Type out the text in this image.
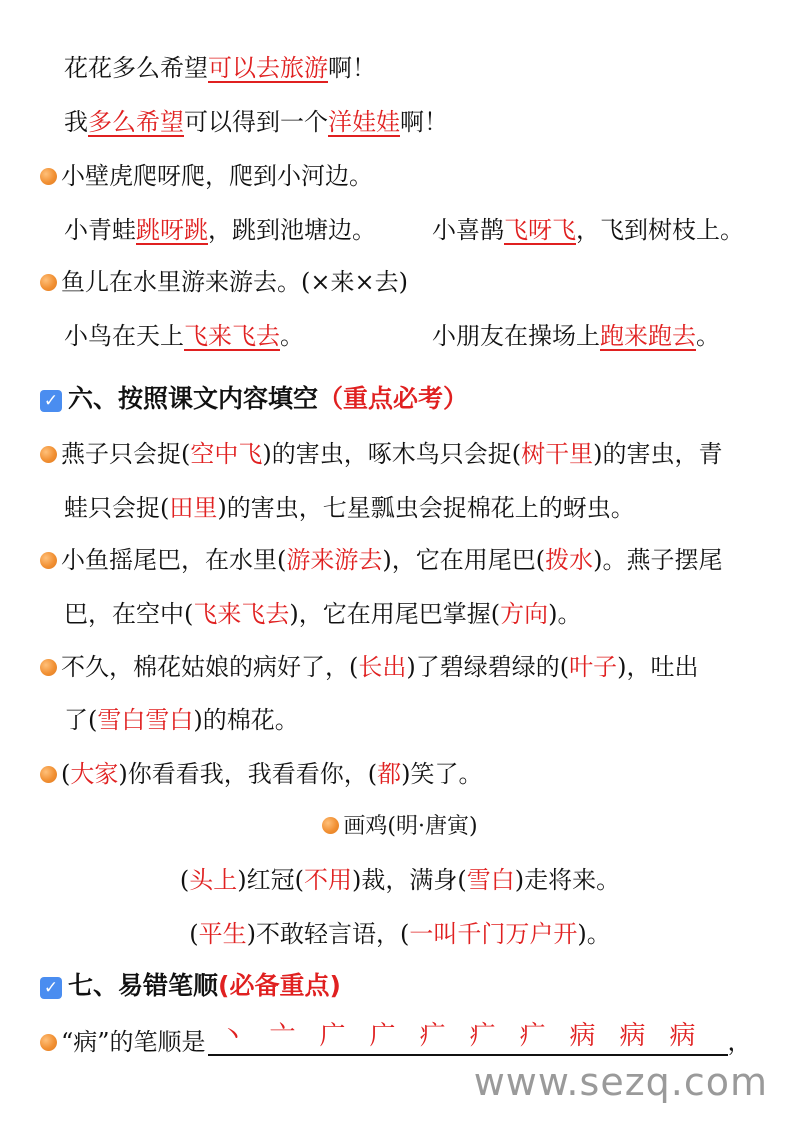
花花多么希望可以去旅游啊！
我多么希望可以得到一个洋娃娃啊！
小壁虎爬呀爬，爬到小河边。
小青蛙跳呀跳，跳到池塘边。 小喜鹊飞呀飞，飞到树枝上。
鱼儿在水里游来游去。(×来×去)
小鸟在天上飞来飞去。	小朋友在操场上跑来跑去。
✓ 六、按照课文内容填空（重点必考）
燕子只会捉(空中飞)的害虫，啄木鸟只会捉(树干里)的害虫，青
蛙只会捉(田里)的害虫，七星瓢虫会捉棉花上的蚜虫。
小鱼摇尾巴，在水里(游来游去)，它在用尾巴(拨水)。燕子摆尾
巴，在空中(飞来飞去)，它在用尾巴掌握(方向)。
不久，棉花姑娘的病好了，(长出)了碧绿碧绿的(叶子)，吐出
了(雪白雪白)的棉花。
(大家)你看看我，我看看你，(都)笑了。
画鸡(明·唐寅)
(头上)红冠(不用)裁，满身(雪白)走将来。
(平生)不敢轻言语，(一叫千门万户开)。
✓ 七、易错笔顺(必备重点)
“病”的笔顺是 丶 亠 广 广 疒 疒 疒 病 病 病 ，
www.sezq.com
